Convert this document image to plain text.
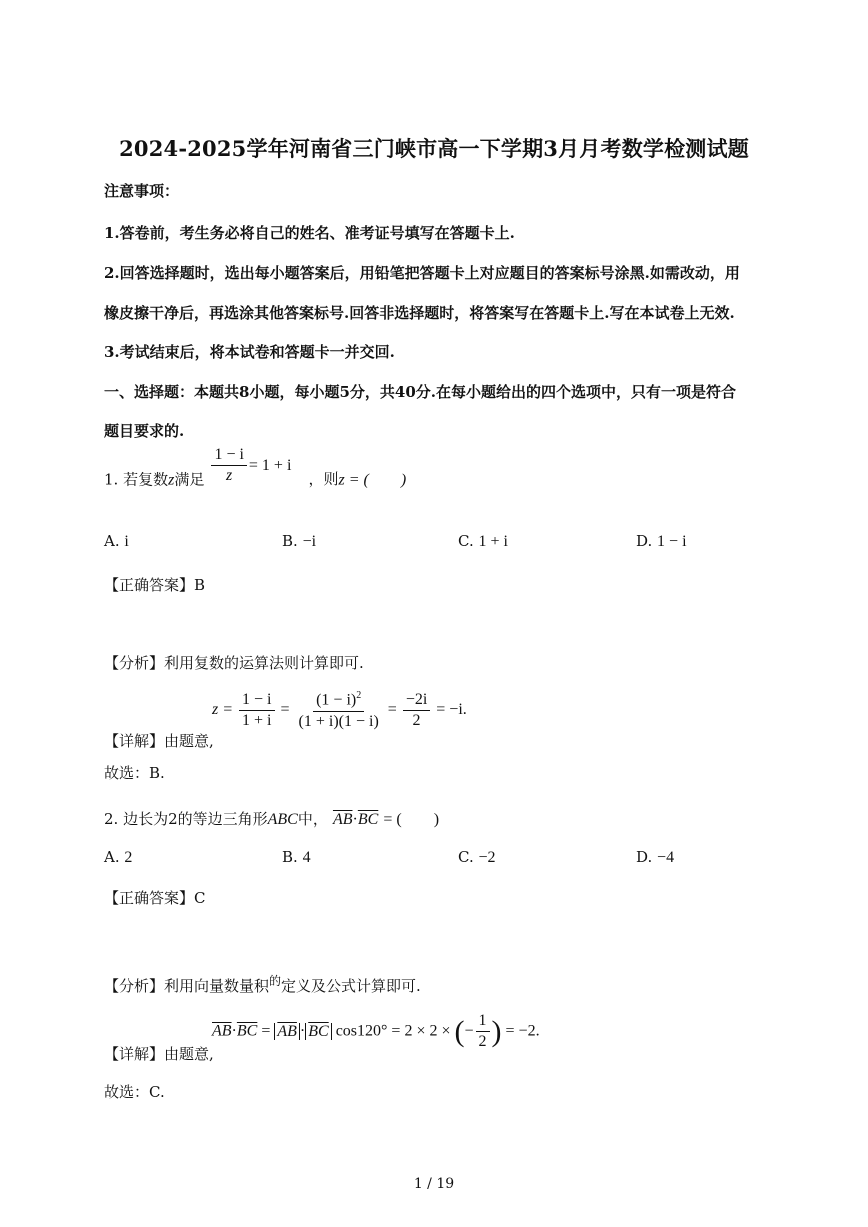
2024-2025学年河南省三门峡市高一下学期3月月考数学检测试题
注意事项：
1.答卷前，考生务必将自己的姓名、准考证号填写在答题卡上.
2.回答选择题时，选出每小题答案后，用铅笔把答题卡上对应题目的答案标号涂黑.如需改动，用
橡皮擦干净后，再选涂其他答案标号.回答非选择题时，将答案写在答题卡上.写在本试卷上无效.
3.考试结束后，将本试卷和答题卡一并交回.
一、选择题：本题共8小题，每小题5分，共40分.在每小题给出的四个选项中，只有一项是符合
题目要求的.
1. 若复数z满足 $\frac{1 - i}{z} = 1 + i$ ，则z = (　　)
A. i	B. −i	C. 1 + i	D. 1 − i
【正确答案】B
【分析】利用复数的运算法则计算即可.
【详解】由题意,
$z = \frac{1 - i}{1 + i} = \frac{(1 - i)^2}{(1 + i)(1 - i)} = \frac{-2i}{2} = -i$.
故选：B.
2. 边长为2的等边三角形ABC中， $\overline{AB}\cdot\overline{BC}$ = (　　)
A. 2	B. 4	C. −2	D. −4
【正确答案】C
【分析】利用向量数量积$^的$定义及公式计算即可.
【详解】由题意,
$\overline{AB}\cdot\overline{BC} = \overline{AB} \cdot \overline{BC}$ cos120° = 2 × 2 × (− $\frac{1}{2}$ ) = −2.
故选：C.
1 / 19
